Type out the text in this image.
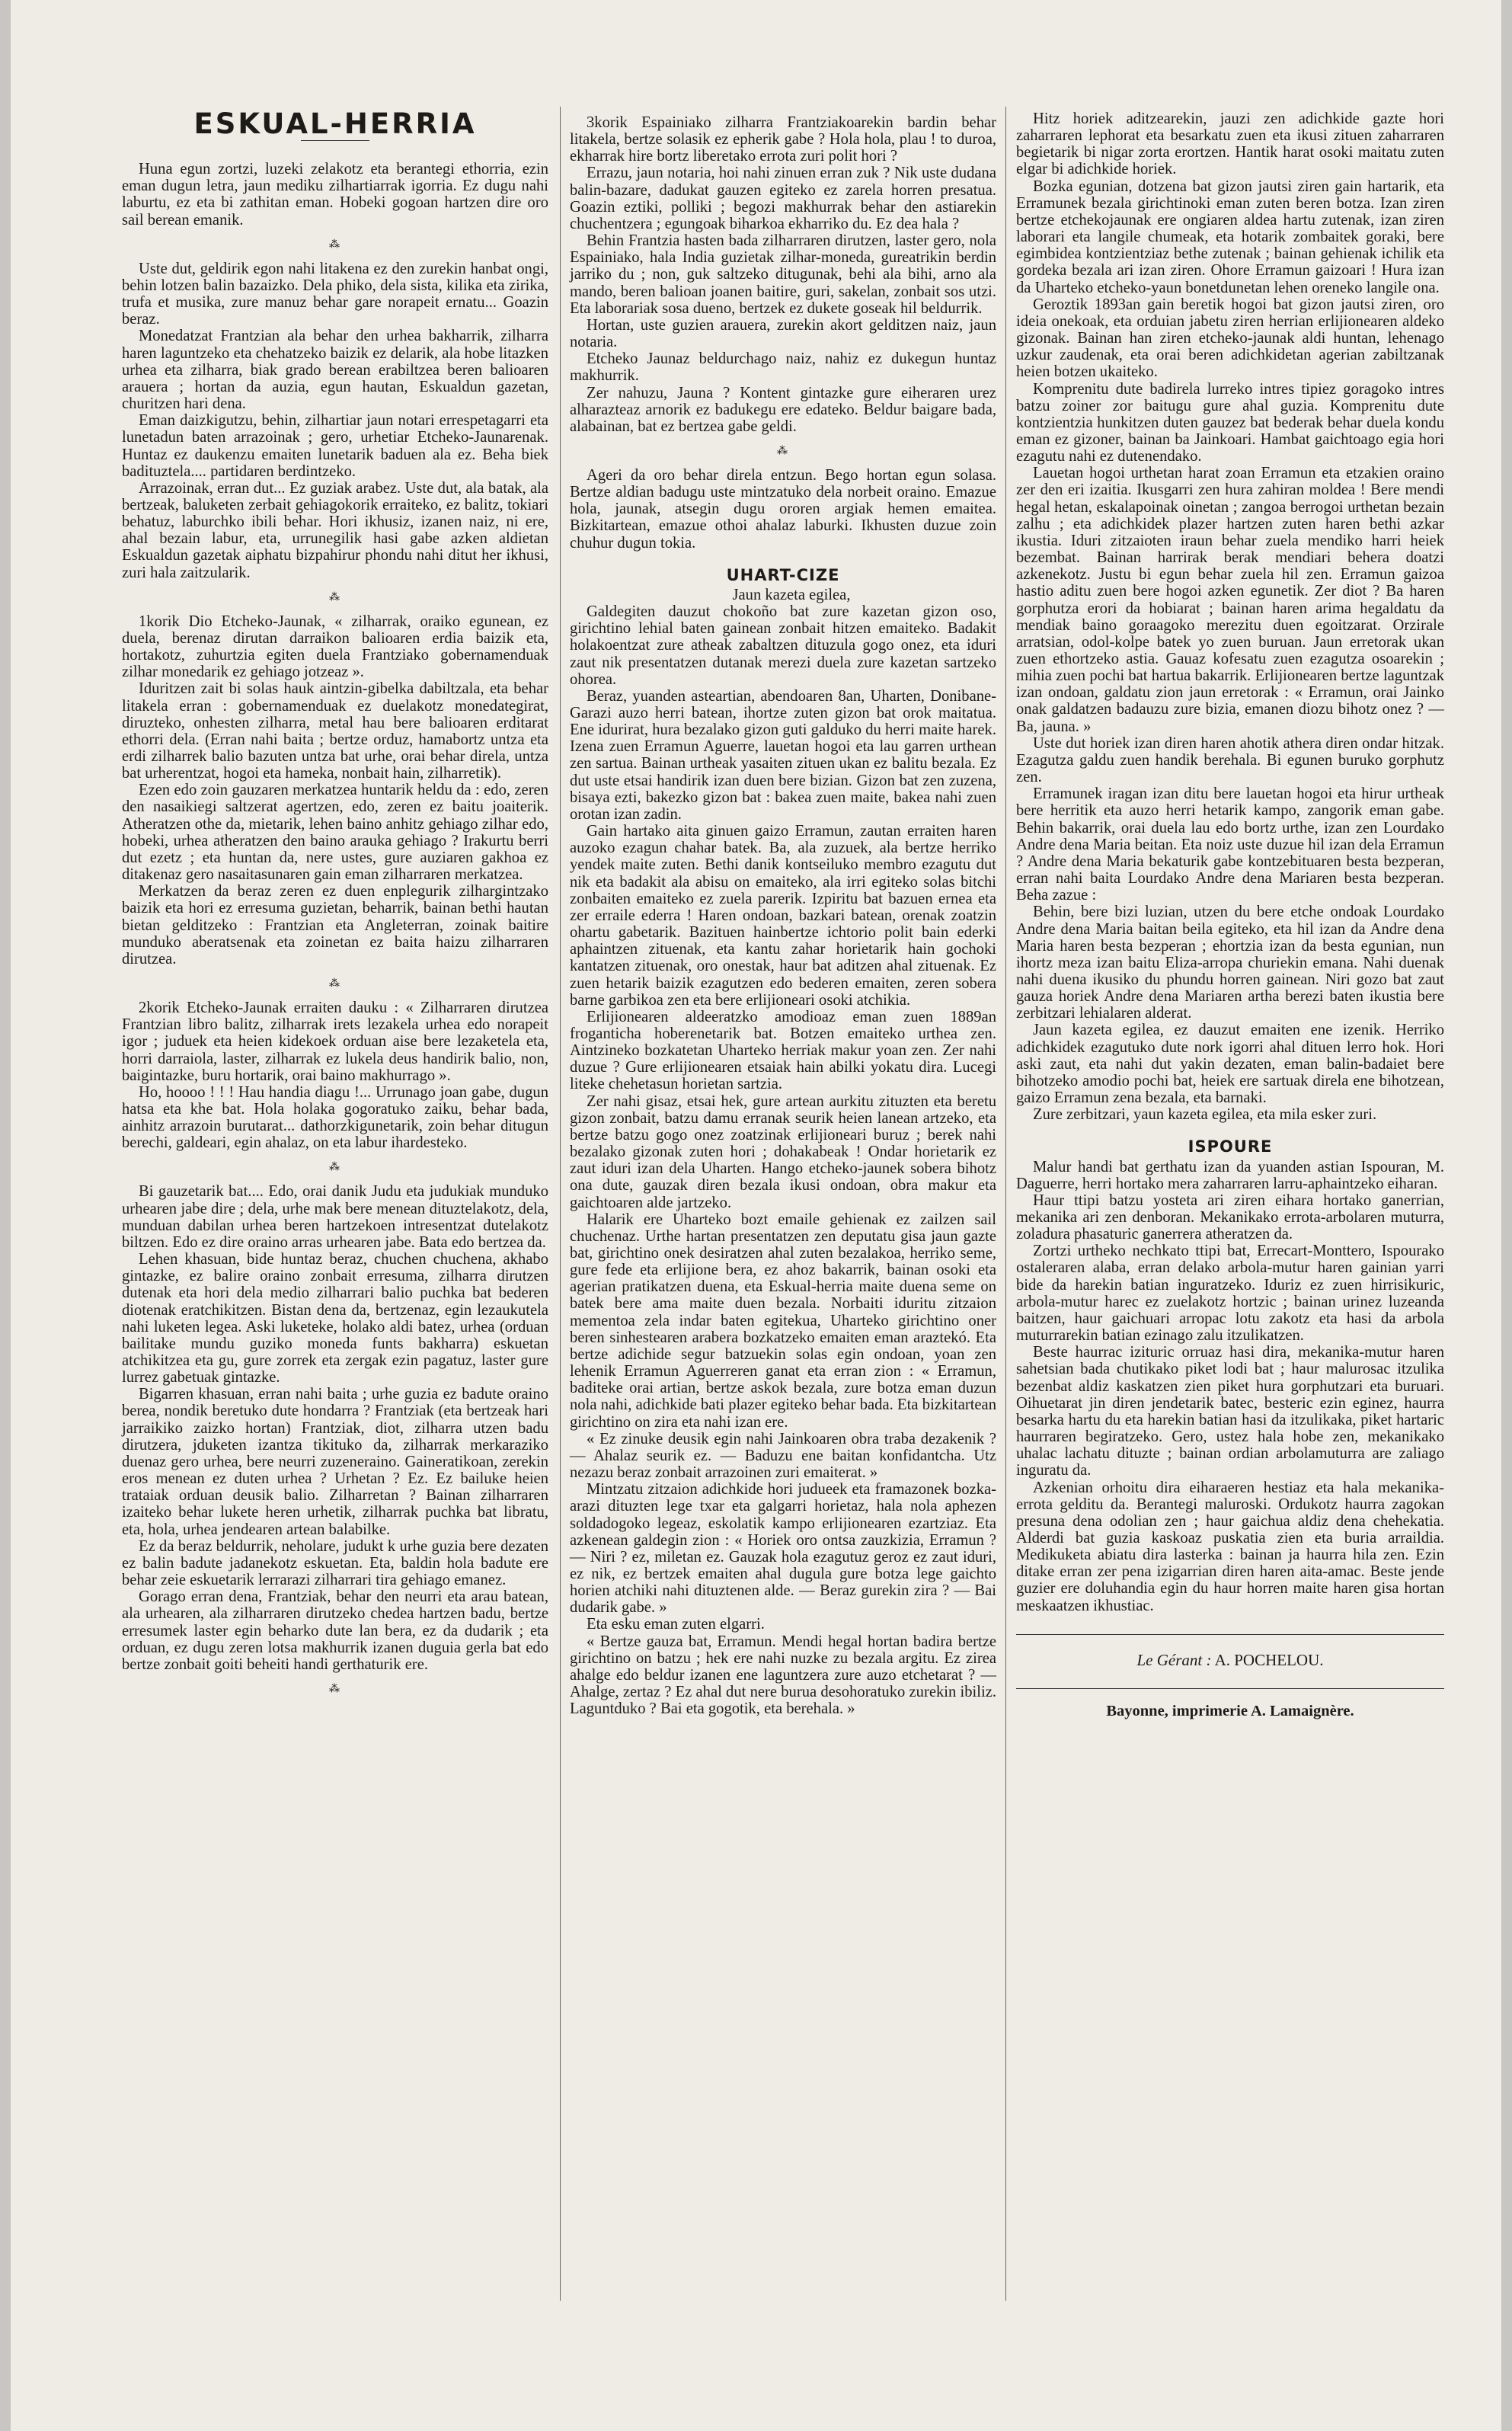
ESKUAL-HERRIA

Huna egun zortzi, luzeki zelakotz eta berantegi ethorria, ezin eman dugun letra, jaun mediku zilhartiarrak igorria. Ez dugu nahi laburtu, ez eta bi zathitan eman. Hobeki gogoan hartzen dire oro sail berean emanik.

⁂

Uste dut, geldirik egon nahi litakena ez den zurekin hanbat ongi, behin lotzen balin bazaizko. Dela phiko, dela sista, kilika eta zirika, trufa et musika, zure manuz behar gare norapeit ernatu... Goazin beraz.

Monedatzat Frantzian ala behar den urhea bakharrik, zilharra haren laguntzeko eta chehatzeko baizik ez delarik, ala hobe litazken urhea eta zilharra, biak grado berean erabiltzea beren balioaren arauera ; hortan da auzia, egun hautan, Eskualdun gazetan, churitzen hari dena.

Eman daizkigutzu, behin, zilhartiar jaun notari errespetagarri eta lunetadun baten arrazoinak ; gero, urhetiar Etcheko-Jaunarenak. Huntaz ez daukenzu emaiten lunetarik baduen ala ez. Beha biek badituztela.... partidaren berdintzeko.

Arrazoinak, erran dut... Ez guziak arabez. Uste dut, ala batak, ala bertzeak, baluketen zerbait gehiagokorik erraiteko, ez balitz, tokiari behatuz, laburchko ibili behar. Hori ikhusiz, izanen naiz, ni ere, ahal bezain labur, eta, urrunegilik hasi gabe azken aldietan Eskualdun gazetak aiphatu bizpahirur phondu nahi ditut her ikhusi, zuri hala zaitzularik.

⁂

1korik Dio Etcheko-Jaunak, « zilharrak, oraiko egunean, ez duela, berenaz dirutan darraikon balioaren erdia baizik eta, hortakotz, zuhurtzia egiten duela Frantziako gobernamenduak zilhar monedarik ez gehiago jotzeaz ».

Iduritzen zait bi solas hauk aintzin-gibelka dabiltzala, eta behar litakela erran : gobernamenduak ez duelakotz monedategirat, diruzteko, onhesten zilharra, metal hau bere balioaren erditarat ethorri dela. (Erran nahi baita ; bertze orduz, hamabortz untza eta erdi zilharrek balio bazuten untza bat urhe, orai behar direla, untza bat urherentzat, hogoi eta hameka, nonbait hain, zilharretik).

Ezen edo zoin gauzaren merkatzea huntarik heldu da : edo, zeren den nasaikiegi saltzerat agertzen, edo, zeren ez baitu joaiterik. Atheratzen othe da, mietarik, lehen baino anhitz gehiago zilhar edo, hobeki, urhea atheratzen den baino arauka gehiago ? Irakurtu berri dut ezetz ; eta huntan da, nere ustes, gure auziaren gakhoa ez ditakenaz gero nasaitasunaren gain eman zilharraren merkatzea.

Merkatzen da beraz zeren ez duen enplegurik zilhargintzako baizik eta hori ez erresuma guzietan, beharrik, bainan bethi hautan bietan gelditzeko : Frantzian eta Angleterran, zoinak baitire munduko aberatsenak eta zoinetan ez baita haizu zilharraren dirutzea.

⁂

2korik Etcheko-Jaunak erraiten dauku : « Zilharraren dirutzea Frantzian libro balitz, zilharrak irets lezakela urhea edo norapeit igor ; juduek eta heien kidekoek orduan aise bere lezaketela eta, horri darraiola, laster, zilharrak ez lukela deus handirik balio, non, baigintazke, buru hortarik, orai baino makhurrago ».

Ho, hoooo ! ! ! Hau handia diagu !... Urrunago joan gabe, dugun hatsa eta khe bat. Hola holaka gogoratuko zaiku, behar bada, ainhitz arrazoin burutarat... dathorzkigunetarik, zoin behar ditugun berechi, galdeari, egin ahalaz, on eta labur ihardesteko.

⁂

Bi gauzetarik bat.... Edo, orai danik Judu eta judukiak munduko urhearen jabe dire ; dela, urhe mak bere menean dituztelakotz, dela, munduan dabilan urhea beren hartzekoen intresentzat dutelakotz biltzen. Edo ez dire oraino arras urhearen jabe. Bata edo bertzea da.

Lehen khasuan, bide huntaz beraz, chuchen chuchena, akhabo gintazke, ez balire oraino zonbait erresuma, zilharra dirutzen dutenak eta hori dela medio zilharrari balio puchka bat bederen diotenak eratchikitzen. Bistan dena da, bertzenaz, egin lezaukutela nahi luketen legea. Aski luketeke, holako aldi batez, urhea (orduan bailitake mundu guziko moneda funts bakharra) eskuetan atchikitzea eta gu, gure zorrek eta zergak ezin pagatuz, laster gure lurrez gabetuak gintazke.

Bigarren khasuan, erran nahi baita ; urhe guzia ez badute oraino berea, nondik beretuko dute hondarra ? Frantziak (eta bertzeak hari jarraikiko zaizko hortan) Frantziak, diot, zilharra utzen badu dirutzera, jduketen izantza tikituko da, zilharrak merkaraziko duenaz gero urhea, bere neurri zuzeneraino. Gaineratikoan, zerekin eros menean ez duten urhea ? Urhetan ? Ez. Ez bailuke heien trataiak orduan deusik balio. Zilharretan ? Bainan zilharraren izaiteko behar lukete heren urhetik, zilharrak puchka bat libratu, eta, hola, urhea jendearen artean balabilke.

Ez da beraz beldurrik, neholare, judukt k urhe guzia bere dezaten ez balin badute jadanekotz eskuetan. Eta, baldin hola badute ere behar zeie eskuetarik lerrarazi zilharrari tira gehiago emanez.

Gorago erran dena, Frantziak, behar den neurri eta arau batean, ala urhearen, ala zilharraren dirutzeko chedea hartzen badu, bertze erresumek laster egin beharko dute lan bera, ez da dudarik ; eta orduan, ez dugu zeren lotsa makhurrik izanen duguia gerla bat edo bertze zonbait goiti beheiti handi gerthaturik ere.

⁂

3korik Espainiako zilharra Frantziakoarekin bardin behar litakela, bertze solasik ez epherik gabe ? Hola hola, plau ! to duroa, ekharrak hire bortz liberetako errota zuri polit hori ?

Errazu, jaun notaria, hoi nahi zinuen erran zuk ? Nik uste dudana balin-bazare, dadukat gauzen egiteko ez zarela horren presatua. Goazin eztiki, polliki ; begozi makhurrak behar den astiarekin chuchentzera ; egungoak biharkoa ekharriko du. Ez dea hala ?

Behin Frantzia hasten bada zilharraren dirutzen, laster gero, nola Espainiako, hala India guzietak zilhar-moneda, gureatrikin berdin jarriko du ; non, guk saltzeko ditugunak, behi ala bihi, arno ala mando, beren balioan joanen baitire, guri, sakelan, zonbait sos utzi. Eta laborariak sosa dueno, bertzek ez dukete goseak hil beldurrik.

Hortan, uste guzien arauera, zurekin akort gelditzen naiz, jaun notaria.

Etcheko Jaunaz beldurchago naiz, nahiz ez dukegun huntaz makhurrik.

Zer nahuzu, Jauna ? Kontent gintazke gure eiheraren urez alharazteaz arnorik ez badukegu ere edateko. Beldur baigare bada, alabainan, bat ez bertzea gabe geldi.

⁂

Ageri da oro behar direla entzun. Bego hortan egun solasa. Bertze aldian badugu uste mintzatuko dela norbeit oraino. Emazue hola, jaunak, atsegin dugu ororen argiak hemen emaitea. Bizkitartean, emazue othoi ahalaz laburki. Ikhusten duzue zoin chuhur dugun tokia.

UHART-CIZE

Jaun kazeta egilea,

Galdegiten dauzut chokoño bat zure kazetan gizon oso, girichtino lehial baten gainean zonbait hitzen emaiteko. Badakit holakoentzat zure atheak zabaltzen dituzula gogo onez, eta iduri zaut nik presentatzen dutanak merezi duela zure kazetan sartzeko ohorea.

Beraz, yuanden asteartian, abendoaren 8an, Uharten, Donibane-Garazi auzo herri batean, ihortze zuten gizon bat orok maitatua. Ene idurirat, hura bezalako gizon guti galduko du herri maite harek. Izena zuen Erramun Aguerre, lauetan hogoi eta lau garren urthean zen sartua. Bainan urtheak yasaiten zituen ukan ez balitu bezala. Ez dut uste etsai handirik izan duen bere bizian. Gizon bat zen zuzena, bisaya ezti, bakezko gizon bat : bakea zuen maite, bakea nahi zuen orotan izan zadin.

Gain hartako aita ginuen gaizo Erramun, zautan erraiten haren auzoko ezagun chahar batek. Ba, ala zuzuek, ala bertze herriko yendek maite zuten. Bethi danik kontseiluko membro ezagutu dut nik eta badakit ala abisu on emaiteko, ala irri egiteko solas bitchi zonbaiten emaiteko ez zuela parerik. Izpiritu bat bazuen ernea eta zer erraile ederra ! Haren ondoan, bazkari batean, orenak zoatzin ohartu gabetarik. Bazituen hainbertze ichtorio polit bain ederki aphaintzen zituenak, eta kantu zahar horietarik hain gochoki kantatzen zituenak, oro onestak, haur bat aditzen ahal zituenak. Ez zuen hetarik baizik ezagutzen edo bederen emaiten, zeren sobera barne garbikoa zen eta bere erlijioneari osoki atchikia.

Erlijionearen aldeeratzko amodioaz eman zuen 1889an froganticha hoberenetarik bat. Botzen emaiteko urthea zen. Aintzineko bozkatetan Uharteko herriak makur yoan zen. Zer nahi duzue ? Gure erlijionearen etsaiak hain abilki yokatu dira. Lucegi liteke chehetasun horietan sartzia.

Zer nahi gisaz, etsai hek, gure artean aurkitu zituzten eta beretu gizon zonbait, batzu damu erranak seurik heien lanean artzeko, eta bertze batzu gogo onez zoatzinak erlijioneari buruz ; berek nahi bezalako gizonak zuten hori ; dohakabeak ! Ondar horietarik ez zaut iduri izan dela Uharten. Hango etcheko-jaunek sobera bihotz ona dute, gauzak diren bezala ikusi ondoan, obra makur eta gaichtoaren alde jartzeko.

Halarik ere Uharteko bozt emaile gehienak ez zailzen sail chuchenaz. Urthe hartan presentatzen zen deputatu gisa jaun gazte bat, girichtino onek desiratzen ahal zuten bezalakoa, herriko seme, gure fede eta erlijione bera, ez ahoz bakarrik, bainan osoki eta agerian pratikatzen duena, eta Eskual-herria maite duena seme on batek bere ama maite duen bezala. Norbaiti iduritu zitzaion mementoa zela indar baten egitekua, Uharteko girichtino oner beren sinhestearen arabera bozkatzeko emaiten eman araztekó. Eta bertze adichide segur batzuekin solas egin ondoan, yoan zen lehenik Erramun Aguerreren ganat eta erran zion : « Erramun, baditeke orai artian, bertze askok bezala, zure botza eman duzun nola nahi, adichkide bati plazer egiteko behar bada. Eta bizkitartean girichtino on zira eta nahi izan ere.

« Ez zinuke deusik egin nahi Jainkoaren obra traba dezakenik ? — Ahalaz seurik ez. — Baduzu ene baitan konfidantcha. Utz nezazu beraz zonbait arrazoinen zuri emaiterat. »

Mintzatu zitzaion adichkide hori judueek eta framazonek bozka-arazi dituzten lege txar eta galgarri horietaz, hala nola aphezen soldadogoko legeaz, eskolatik kampo erlijionearen ezartziaz. Eta azkenean galdegin zion : « Horiek oro ontsa zauzkizia, Erramun ? — Niri ? ez, miletan ez. Gauzak hola ezagutuz geroz ez zaut iduri, ez nik, ez bertzek emaiten ahal dugula gure botza lege gaichto horien atchiki nahi dituztenen alde. — Beraz gurekin zira ? — Bai dudarik gabe. »

Eta esku eman zuten elgarri.

« Bertze gauza bat, Erramun. Mendi hegal hortan badira bertze girichtino on batzu ; hek ere nahi nuzke zu bezala argitu. Ez zirea ahalge edo beldur izanen ene laguntzera zure auzo etchetarat ? — Ahalge, zertaz ? Ez ahal dut nere burua desohoratuko zurekin ibiliz. Laguntduko ? Bai eta gogotik, eta berehala. »

Hitz horiek aditzearekin, jauzi zen adichkide gazte hori zaharraren lephorat eta besarkatu zuen eta ikusi zituen zaharraren begietarik bi nigar zorta erortzen. Hantik harat osoki maitatu zuten elgar bi adichkide horiek.

Bozka egunian, dotzena bat gizon jautsi ziren gain hartarik, eta Erramunek bezala girichtinoki eman zuten beren botza. Izan ziren bertze etchekojaunak ere ongiaren aldea hartu zutenak, izan ziren laborari eta langile chumeak, eta hotarik zombaitek goraki, bere egimbidea kontzientziaz bethe zutenak ; bainan gehienak ichilik eta gordeka bezala ari izan ziren. Ohore Erramun gaizoari ! Hura izan da Uharteko etcheko-yaun bonetdunetan lehen oreneko langile ona.

Geroztik 1893an gain beretik hogoi bat gizon jautsi ziren, oro ideia onekoak, eta orduian jabetu ziren herrian erlijionearen aldeko gizonak. Bainan han ziren etcheko-jaunak aldi huntan, lehenago uzkur zaudenak, eta orai beren adichkidetan agerian zabiltzanak heien botzen ukaiteko.

Komprenitu dute badirela lurreko intres tipiez goragoko intres batzu zoiner zor baitugu gure ahal guzia. Komprenitu dute kontzientzia hunkitzen duten gauzez bat bederak behar duela kondu eman ez gizoner, bainan ba Jainkoari. Hambat gaichtoago egia hori ezagutu nahi ez dutenendako.

Lauetan hogoi urthetan harat zoan Erramun eta etzakien oraino zer den eri izaitia. Ikusgarri zen hura zahiran moldea ! Bere mendi hegal hetan, eskalapoinak oinetan ; zangoa berrogoi urthetan bezain zalhu ; eta adichkidek plazer hartzen zuten haren bethi azkar ikustia. Iduri zitzaioten iraun behar zuela mendiko harri heiek bezembat. Bainan harrirak berak mendiari behera doatzi azkenekotz. Justu bi egun behar zuela hil zen. Erramun gaizoa hastio aditu zuen bere hogoi azken egunetik. Zer diot ? Ba haren gorphutza erori da hobiarat ; bainan haren arima hegaldatu da mendiak baino goraagoko merezitu duen egoitzarat. Orzirale arratsian, odol-kolpe batek yo zuen buruan. Jaun erretorak ukan zuen ethortzeko astia. Gauaz kofesatu zuen ezagutza osoarekin ; mihia zuen pochi bat hartua bakarrik. Erlijionearen bertze laguntzak izan ondoan, galdatu zion jaun erretorak : « Erramun, orai Jainko onak galdatzen badauzu zure bizia, emanen diozu bihotz onez ? — Ba, jauna. »

Uste dut horiek izan diren haren ahotik athera diren ondar hitzak. Ezagutza galdu zuen handik berehala. Bi egunen buruko gorphutz zen.

Erramunek iragan izan ditu bere lauetan hogoi eta hirur urtheak bere herritik eta auzo herri hetarik kampo, zangorik eman gabe. Behin bakarrik, orai duela lau edo bortz urthe, izan zen Lourdako Andre dena Maria beitan. Eta noiz uste duzue hil izan dela Erramun ? Andre dena Maria bekaturik gabe kontzebituaren besta bezperan, erran nahi baita Lourdako Andre dena Mariaren besta bezperan. Beha zazue :

Behin, bere bizi luzian, utzen du bere etche ondoak Lourdako Andre dena Maria baitan beila egiteko, eta hil izan da Andre dena Maria haren besta bezperan ; ehortzia izan da besta egunian, nun ihortz meza izan baitu Eliza-arropa churiekin emana. Nahi duenak nahi duena ikusiko du phundu horren gainean. Niri gozo bat zaut gauza horiek Andre dena Mariaren artha berezi baten ikustia bere zerbitzari lehialaren alderat.

Jaun kazeta egilea, ez dauzut emaiten ene izenik. Herriko adichkidek ezagutuko dute nork igorri ahal dituen lerro hok. Hori aski zaut, eta nahi dut yakin dezaten, eman balin-badaiet bere bihotzeko amodio pochi bat, heiek ere sartuak direla ene bihotzean, gaizo Erramun zena bezala, eta barnaki.

Zure zerbitzari, yaun kazeta egilea, eta mila esker zuri.

ISPOURE

Malur handi bat gerthatu izan da yuanden astian Ispouran, M. Daguerre, herri hortako mera zaharraren larru-aphaintzeko eiharan.

Haur ttipi batzu yosteta ari ziren eihara hortako ganerrian, mekanika ari zen denboran. Mekanikako errota-arbolaren muturra, zoladura phasaturic ganerrera atheratzen da.

Zortzi urtheko nechkato ttipi bat, Errecart-Monttero, Ispourako ostaleraren alaba, erran delako arbola-mutur haren gainian yarri bide da harekin batian inguratzeko. Iduriz ez zuen hirrisikuric, arbola-mutur harec ez zuelakotz hortzic ; bainan urinez luzeanda baitzen, haur gaichuari arropac lotu zakotz eta hasi da arbola muturrarekin batian ezinago zalu itzulikatzen.

Beste haurrac izituric orruaz hasi dira, mekanika-mutur haren sahetsian bada chutikako piket lodi bat ; haur malurosac itzulika bezenbat aldiz kaskatzen zien piket hura gorphutzari eta buruari. Oihuetarat jin diren jendetarik batec, besteric ezin eginez, haurra besarka hartu du eta harekin batian hasi da itzulikaka, piket hartaric haurraren begiratzeko. Gero, ustez hala hobe zen, mekanikako uhalac lachatu dituzte ; bainan ordian arbolamuturra are zaliago inguratu da.

Azkenian orhoitu dira eiharaeren hestiaz eta hala mekanika-errota gelditu da. Berantegi maluroski. Ordukotz haurra zagokan presuna dena odolian zen ; haur gaichua aldiz dena chehekatia. Alderdi bat guzia kaskoaz puskatia zien eta buria arraildia. Medikuketa abiatu dira lasterka : bainan ja haurra hila zen. Ezin ditake erran zer pena izigarrian diren haren aita-amac. Beste jende guzier ere doluhandia egin du haur horren maite haren gisa hortan meskaatzen ikhustiac.

Le Gérant : A. POCHELOU.
Bayonne, imprimerie A. Lamaignère.
